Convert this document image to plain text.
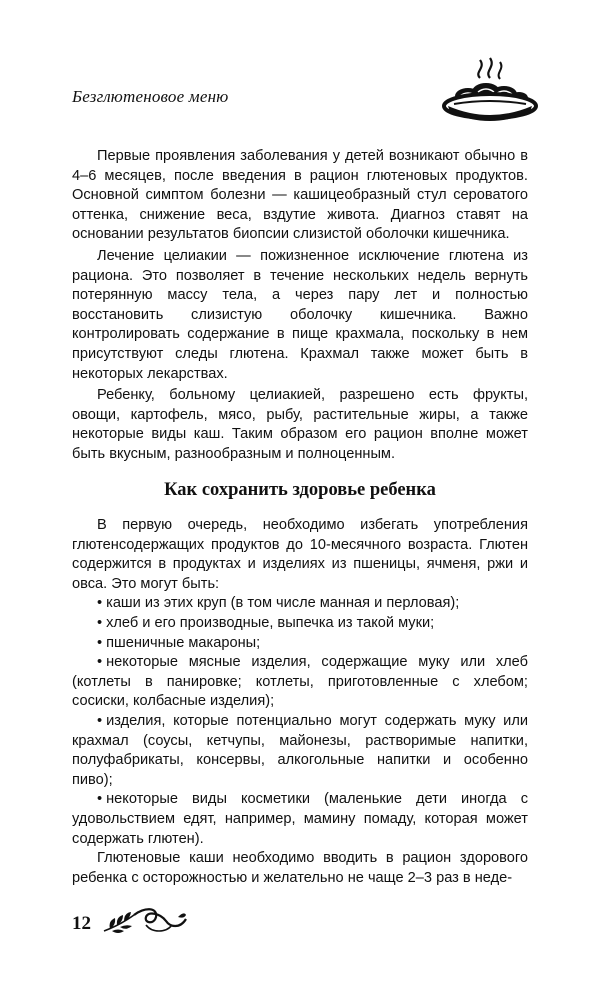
Безглютеновое меню

Первые проявления заболевания у детей возникают обычно в 4–6 месяцев, после введения в рацион глютеновых продуктов. Основной симптом болезни — кашицеобразный стул сероватого оттенка, снижение веса, вздутие живота. Диагноз ставят на основании результатов биопсии слизистой оболочки кишечника.

Лечение целиакии — пожизненное исключение глютена из рациона. Это позволяет в течение нескольких недель вернуть потерянную массу тела, а через пару лет и полностью восстановить слизистую оболочку кишечника. Важно контролировать содержание в пище крахмала, поскольку в нем присутствуют следы глютена. Крахмал также может быть в некоторых лекарствах.

Ребенку, больному целиакией, разрешено есть фрукты, овощи, картофель, мясо, рыбу, растительные жиры, а также некоторые виды каш. Таким образом его рацион вполне может быть вкусным, разнообразным и полноценным.

Как сохранить здоровье ребенка

В первую очередь, необходимо избегать употребления глютенсодержащих продуктов до 10-месячного возраста. Глютен содержится в продуктах и изделиях из пшеницы, ячменя, ржи и овса. Это могут быть:

• каши из этих круп (в том числе манная и перловая);
• хлеб и его производные, выпечка из такой муки;
• пшеничные макароны;
• некоторые мясные изделия, содержащие муку или хлеб (котлеты в панировке; котлеты, приготовленные с хлебом; сосиски, колбасные изделия);
• изделия, которые потенциально могут содержать муку или крахмал (соусы, кетчупы, майонезы, растворимые напитки, полуфабрикаты, консервы, алкогольные напитки и особенно пиво);
• некоторые виды косметики (маленькие дети иногда с удовольствием едят, например, мамину помаду, которая может содержать глютен).

Глютеновые каши необходимо вводить в рацион здорового ребенка с осторожностью и желательно не чаще 2–3 раз в неде-

12
